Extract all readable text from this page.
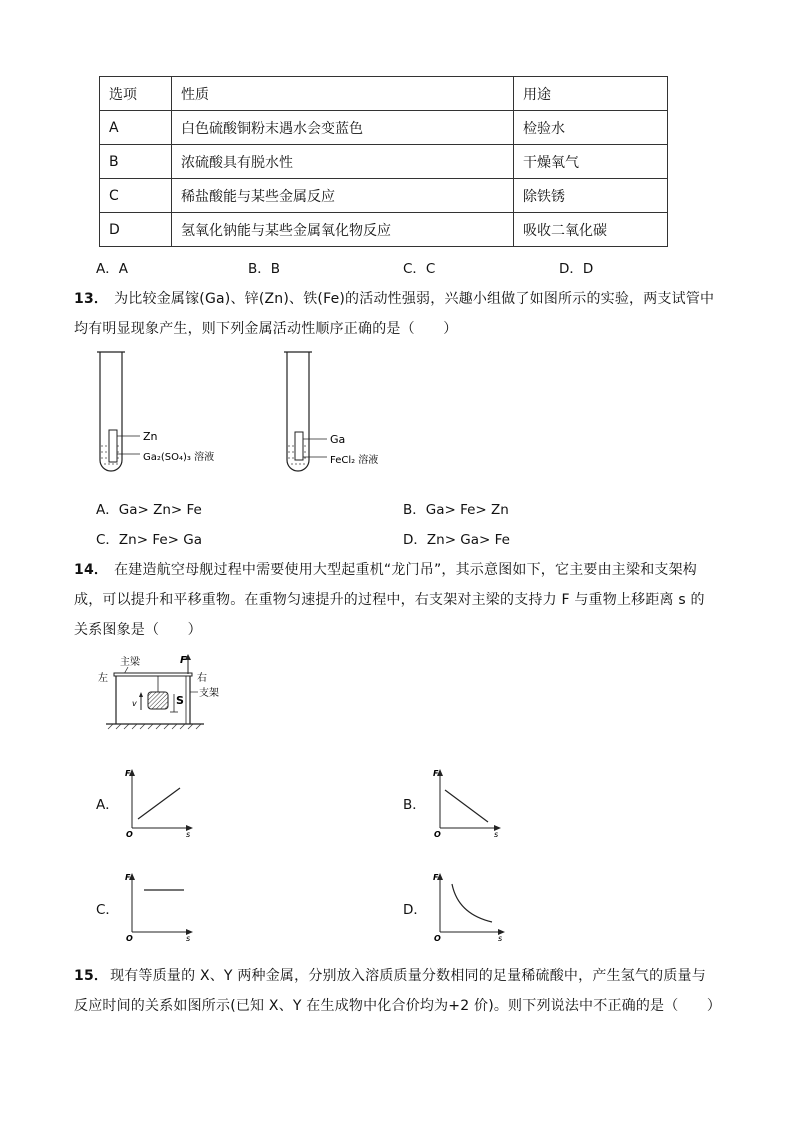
选项	性质	用途
A	白色硫酸铜粉末遇水会变蓝色	检验水
B	浓硫酸具有脱水性	干燥氧气
C	稀盐酸能与某些金属反应	除铁锈
D	氢氧化钠能与某些金属氧化物反应	吸收二氧化碳
A．A	B．B	C．C	D．D
13． 为比较金属镓(Ga)、锌(Zn)、铁(Fe)的活动性强弱，兴趣小组做了如图所示的实验，两支试管中
均有明显现象产生，则下列金属活动性顺序正确的是（　　）
Zn
Ga₂(SO₄)₃ 溶液
Ga
FeCl₂ 溶液
A．Ga> Zn> Fe	B．Ga> Fe> Zn
C．Zn> Fe> Ga	D．Zn> Ga> Fe
14． 在建造航空母舰过程中需要使用大型起重机“龙门吊”，其示意图如下，它主要由主梁和支架构
成，可以提升和平移重物。在重物匀速提升的过程中，右支架对主梁的支持力 F 与重物上移距离 s 的
关系图象是（　　）
主梁
左	右
F
v	S
支架
A．
F
s
O
B．
F
s
O
C．
F
s
O
D．
F
s
O
15． 现有等质量的 X、Y 两种金属，分别放入溶质质量分数相同的足量稀硫酸中，产生氢气的质量与
反应时间的关系如图所示(已知 X、Y 在生成物中化合价均为+2 价)。则下列说法中不正确的是（　　）
